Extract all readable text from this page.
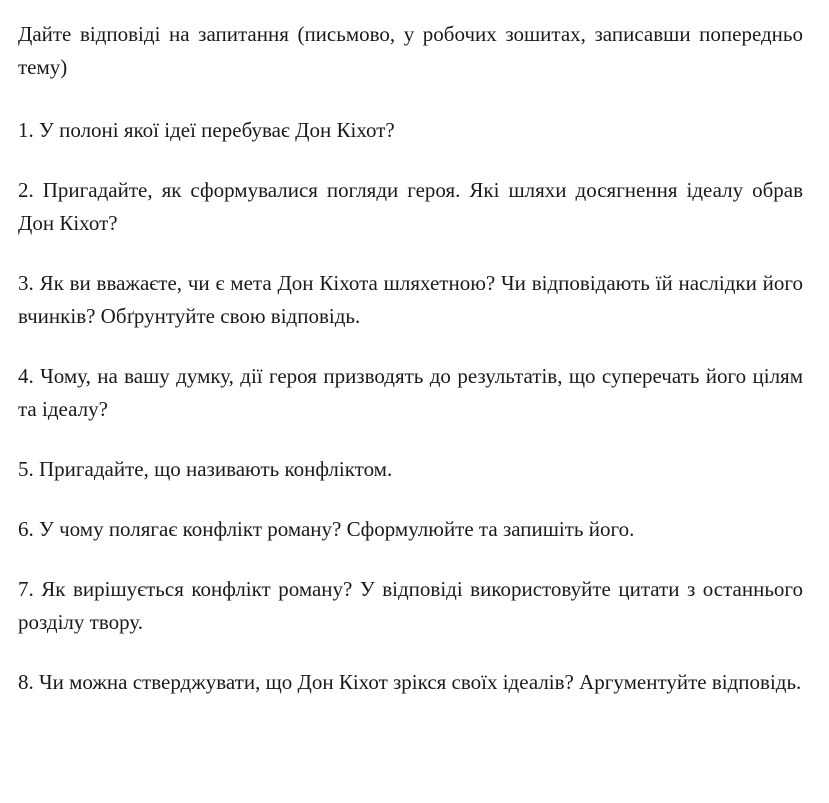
Дайте відповіді на запитання (письмово, у робочих зошитах, записавши попередньо тему)

1. У полоні якої ідеї перебуває Дон Кіхот?

2. Пригадайте, як сформувалися погляди героя. Які шляхи досягнення ідеалу обрав Дон Кіхот?

3. Як ви вважаєте, чи є мета Дон Кіхота шляхетною? Чи відповідають їй наслідки його вчинків? Обґрунтуйте свою відповідь.

4. Чому, на вашу думку, дії героя призводять до результатів, що суперечать його цілям та ідеалу?

5. Пригадайте, що називають конфліктом.

6. У чому полягає конфлікт роману? Сформулюйте та запишіть його.

7. Як вирішується конфлікт роману? У відповіді використовуйте цитати з останнього розділу твору.

8. Чи можна стверджувати, що Дон Кіхот зрікся своїх ідеалів? Аргументуйте відповідь.
